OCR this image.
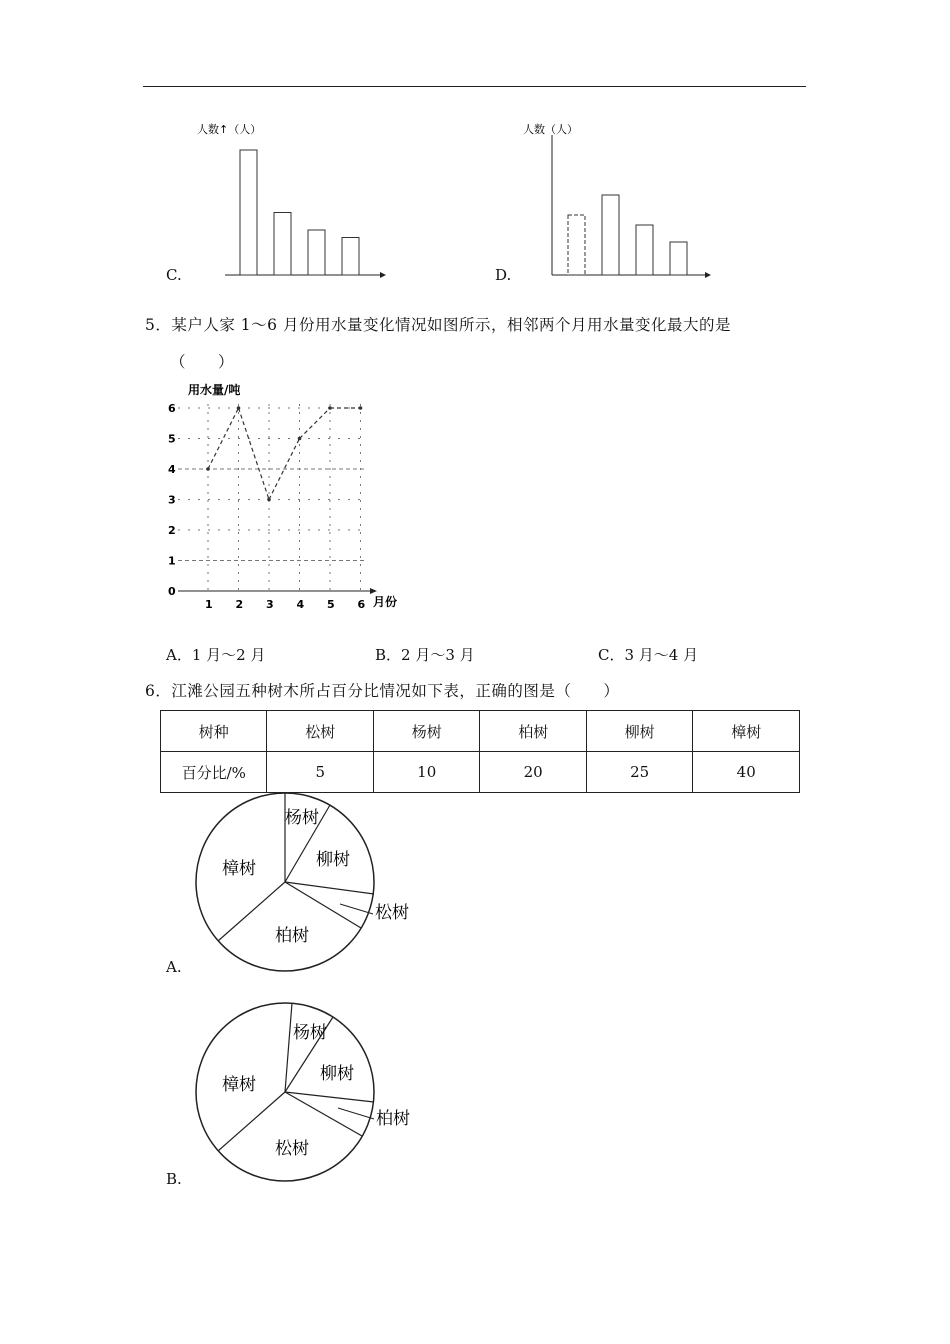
人数↑（人）
C.
人数（人）
D.
5．某户人家 1～6 月份用水量变化情况如图所示，相邻两个月用水量变化最大的是
（　　）
用水量/吨
月份
0
1
2
3
4
5
6
1 2 3 4 5 6
A．1 月～2 月	B．2 月～3 月	C．3 月～4 月
6．江滩公园五种树木所占百分比情况如下表，正确的图是（　　）
树种	松树	杨树	柏树	柳树	樟树
百分比/%	5	10	20	25	40
杨树
柳树
松树
柏树
樟树
A.
杨树
柳树
柏树
松树
樟树
B.
